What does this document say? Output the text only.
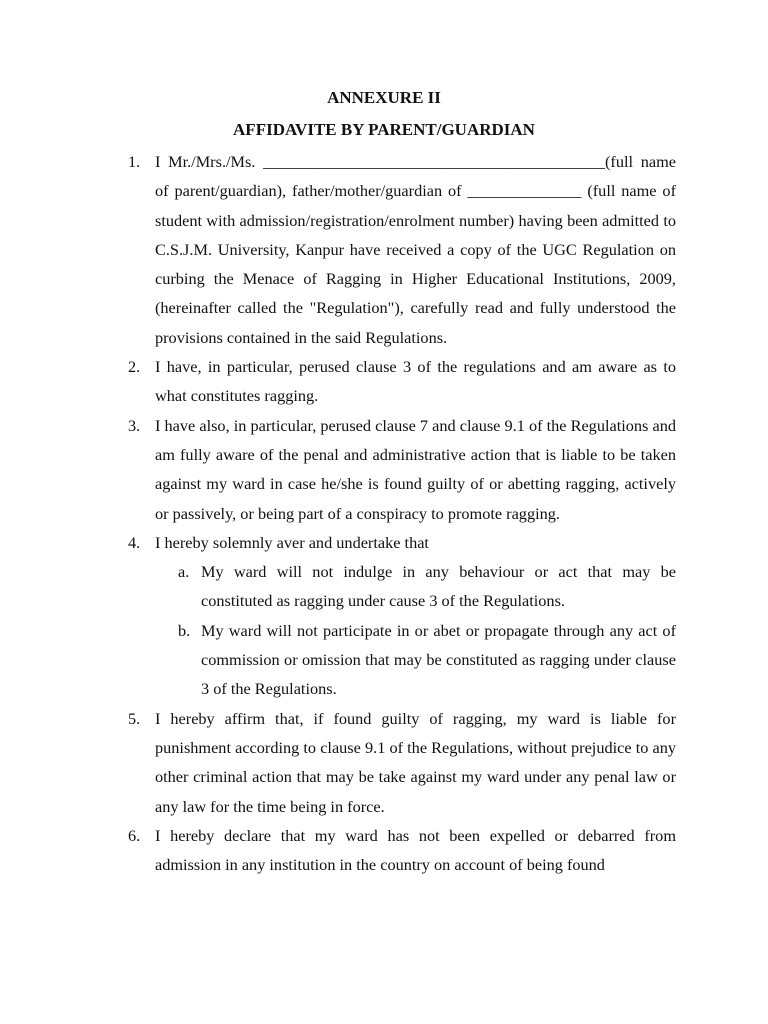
ANNEXURE II
AFFIDAVITE BY PARENT/GUARDIAN
1. I Mr./Mrs./Ms. __________________________________________(full name of parent/guardian), father/mother/guardian of ______________ (full name of student with admission/registration/enrolment number) having been admitted to C.S.J.M. University, Kanpur have received a copy of the UGC Regulation on curbing the Menace of Ragging in Higher Educational Institutions, 2009, (hereinafter called the "Regulation"), carefully read and fully understood the provisions contained in the said Regulations.
2. I have, in particular, perused clause 3 of the regulations and am aware as to what constitutes ragging.
3. I have also, in particular, perused clause 7 and clause 9.1 of the Regulations and am fully aware of the penal and administrative action that is liable to be taken against my ward in case he/she is found guilty of or abetting ragging, actively or passively, or being part of a conspiracy to promote ragging.
4. I hereby solemnly aver and undertake that
a. My ward will not indulge in any behaviour or act that may be constituted as ragging under cause 3 of the Regulations.
b. My ward will not participate in or abet or propagate through any act of commission or omission that may be constituted as ragging under clause 3 of the Regulations.
5. I hereby affirm that, if found guilty of ragging, my ward is liable for punishment according to clause 9.1 of the Regulations, without prejudice to any other criminal action that may be take against my ward under any penal law or any law for the time being in force.
6. I hereby declare that my ward has not been expelled or debarred from admission in any institution in the country on account of being found
